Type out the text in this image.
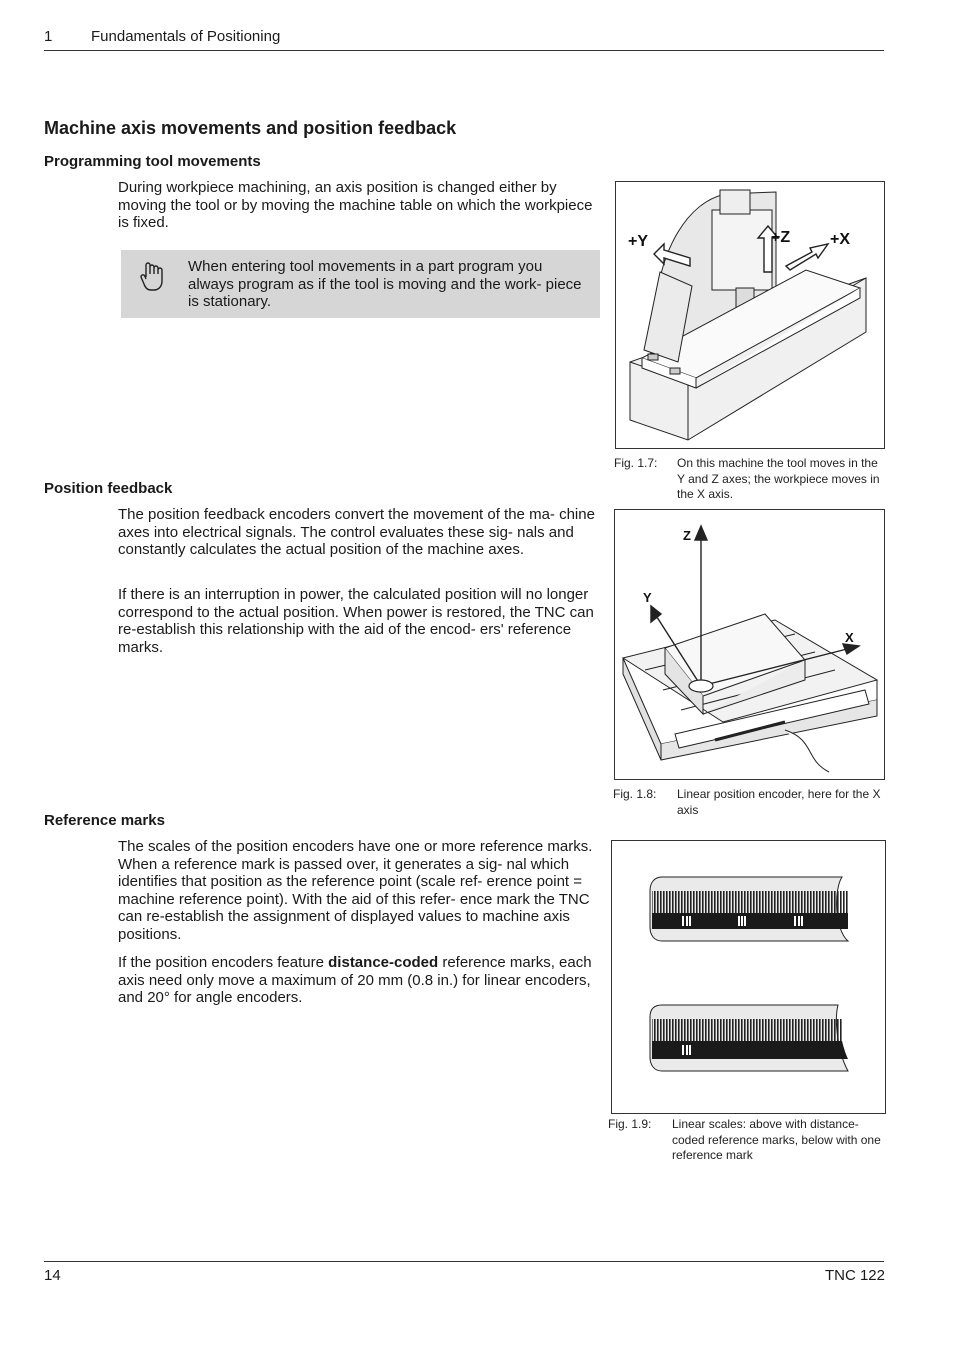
1	Fundamentals of Positioning
Machine axis movements and position feedback
Programming tool movements

During workpiece machining, an axis position is changed either by moving the tool or by moving the machine table on which the workpiece is fixed.

When entering tool movements in a part program you always program as if the tool is moving and the work- piece is stationary.

+Y	+Z +X
Fig. 1.7: On this machine the tool moves in the Y and Z axes; the workpiece moves in the X axis.

Position feedback

The position feedback encoders convert the movement of the ma- chine axes into electrical signals. The control evaluates these sig- nals and constantly calculates the actual position of the machine axes.

If there is an interruption in power, the calculated position will no longer correspond to the actual position. When power is restored, the TNC can re-establish this relationship with the aid of the encod- ers' reference marks.

Z
Y
X
Fig. 1.8: Linear position encoder, here for the X axis

Reference marks

The scales of the position encoders have one or more reference marks. When a reference mark is passed over, it generates a sig- nal which identifies that position as the reference point (scale ref- erence point = machine reference point). With the aid of this refer- ence mark the TNC can re-establish the assignment of displayed values to machine axis positions.

If the position encoders feature distance-coded reference marks, each axis need only move a maximum of 20 mm (0.8 in.) for linear encoders, and 20° for angle encoders.

Fig. 1.9: Linear scales: above with distance- coded reference marks, below with one reference mark

14	TNC 122
